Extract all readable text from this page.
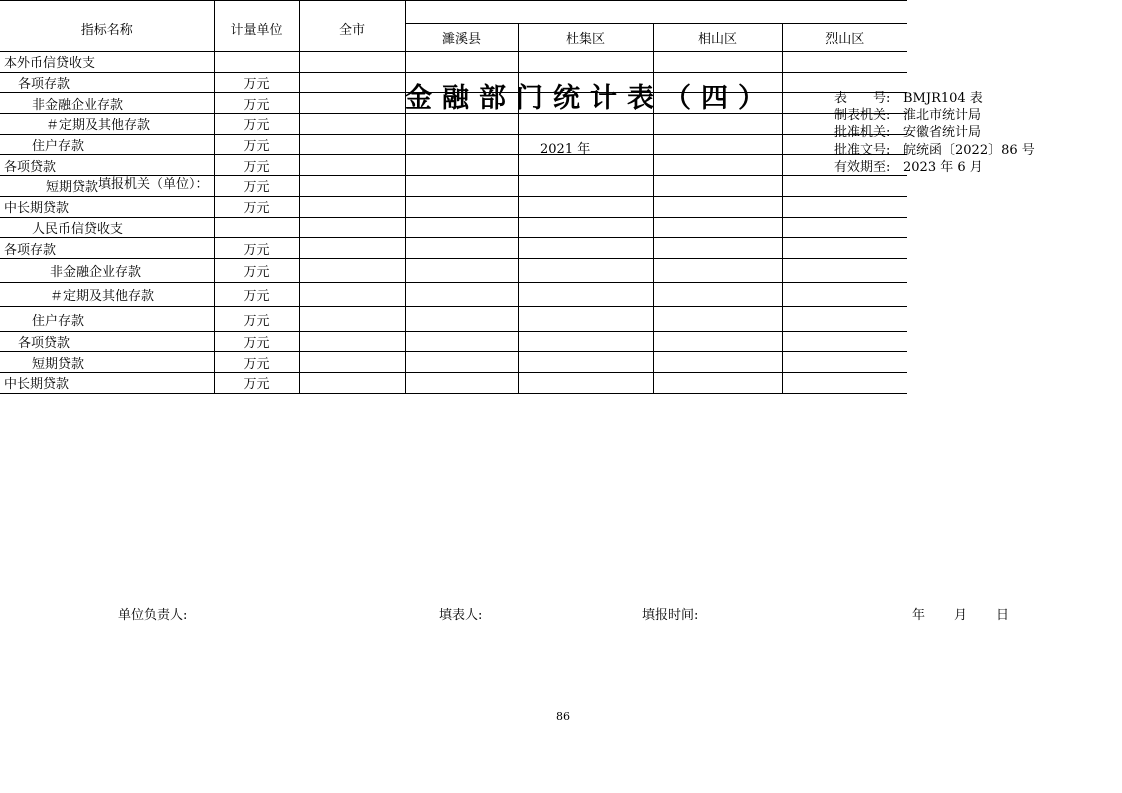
金融部门统计表（四）
2021 年
表　　号: BMJR104 表
制表机关: 淮北市统计局
批准机关: 安徽省统计局
批准文号: 皖统函〔2022〕86 号
有效期至: 2023 年 6 月
填报机关（单位）：
指标名称	计量单位	全市				
			濉溪县	杜集区	相山区	烈山区
本外币信贷收支						
各项存款	万元					
非金融企业存款	万元					
＃定期及其他存款	万元					
住户存款	万元					
各项贷款	万元					
短期贷款	万元					
中长期贷款	万元					
人民币信贷收支						
各项存款	万元					
非金融企业存款	万元					
＃定期及其他存款	万元					
住户存款	万元					
各项贷款	万元					
短期贷款	万元					
中长期贷款	万元					
单位负责人:	填表人:	填报时间:	年 月 日
86
